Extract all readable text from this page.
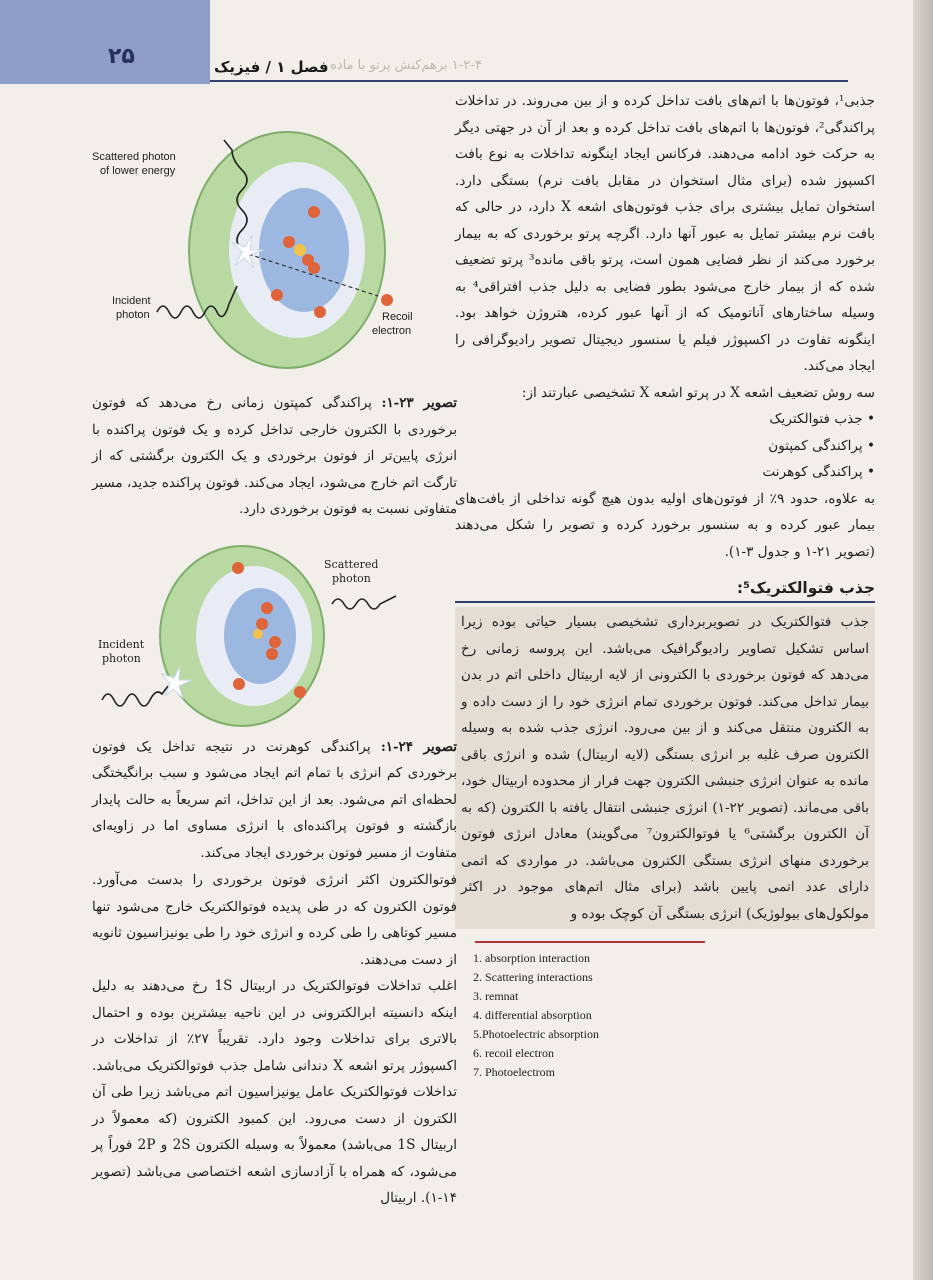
۲۵	فصل ۱ / فیزیک ۱-۲-۴ برهم‌کنش پرتو با ماده

جذبی¹، فوتون‌ها با اتم‌های بافت تداخل کرده و از بین می‌روند. در تداخلات پراکندگی²، فوتون‌ها با اتم‌های بافت تداخل کرده و بعد از آن در جهتی دیگر به حرکت خود ادامه می‌دهند. فرکانس ایجاد اینگونه تداخلات به نوع بافت اکسپوز شده (برای مثال استخوان در مقابل بافت نرم) بستگی دارد. استخوان تمایل بیشتری برای جذب فوتون‌های اشعه X دارد، در حالی که بافت نرم بیشتر تمایل به عبور آنها دارد. اگرچه پرتو برخوردی که به بیمار برخورد می‌کند از نظر فضایی همون است، پرتو باقی مانده³ پرتو تضعیف شده که از بیمار خارج می‌شود بطور فضایی به دلیل جذب افتراقی⁴ به وسیله ساختارهای آناتومیک که از آنها عبور کرده، هتروژن خواهد بود. اینگونه تفاوت در اکسپوژر فیلم یا سنسور دیجیتال تصویر رادیوگرافی را ایجاد می‌کند.

سه روش تضعیف اشعه X در پرتو اشعه X تشخیصی عبارتند از:

• جذب فتوالکتریک
• پراکندگی کمپتون
• پراکندگی کوهرنت

به علاوه، حدود ۹٪ از فوتون‌های اولیه بدون هیچ گونه تداخلی از بافت‌های بیمار عبور کرده و به سنسور برخورد کرده و تصویر را شکل می‌دهند (تصویر ۲۱-۱ و جدول ۳-۱).

جذب فتوالکتریک⁵:

جذب فتوالکتریک در تصویربرداری تشخیصی بسیار حیاتی بوده زیرا اساس تشکیل تصاویر رادیوگرافیک می‌باشد. این پروسه زمانی رخ می‌دهد که فوتون برخوردی با الکترونی از لایه اربیتال داخلی اتم در بدن بیمار تداخل می‌کند. فوتون برخوردی تمام انرژی خود را از دست داده و به الکترون منتقل می‌کند و از بین می‌رود. انرژی جذب شده به وسیله الکترون صرف غلبه بر انرژی بستگی (لایه اربیتال) شده و انرژی باقی مانده به عنوان انرژی جنبشی الکترون جهت فرار از محدوده اربیتال خود، باقی می‌ماند. (تصویر ۲۲-۱) انرژی جنبشی انتقال یافته با الکترون (که به آن الکترون برگشتی⁶ یا فوتوالکترون⁷ می‌گویند) معادل انرژی فوتون برخوردی منهای انرژی بستگی الکترون می‌باشد. در مواردی که اتمی دارای عدد اتمی پایین باشد (برای مثال اتم‌های موجود در اکثر مولکول‌های بیولوژیک) انرژی بستگی آن کوچک بوده و

1. absorption interaction
2. Scattering interactions
3. remnat
4. differential absorption
5.Photoelectric absorption
6. recoil electron
7. Photoelectrom
Scattered photon of lower energy
Incident photon	Recoil electron

تصویر ۲۳-۱: پراکندگی کمپتون زمانی رخ می‌دهد که فوتون برخوردی با الکترون خارجی تداخل کرده و یک فوتون پراکنده با انرژی پایین‌تر از فوتون برخوردی و یک الکترون برگشتی که از تارگت اتم خارج می‌شود، ایجاد می‌کند. فوتون پراکنده جدید، مسیر متفاوتی نسبت به فوتون برخوردی دارد.

Scattered photon
Incident photon

تصویر ۲۴-۱: پراکندگی کوهرنت در نتیجه تداخل یک فوتون برخوردی کم انرژی با تمام اتم ایجاد می‌شود و سبب برانگیختگی لحظه‌ای اتم می‌شود. بعد از این تداخل، اتم سریعاً به حالت پایدار بازگشته و فوتون پراکنده‌ای با انرژی مساوی اما در زاویه‌ای متفاوت از مسیر فوتون برخوردی ایجاد می‌کند.

فوتوالکترون اکثر انرژی فوتون برخوردی را بدست می‌آورد. فوتون الکترون که در طی پدیده فوتوالکتریک خارج می‌شود تنها مسیر کوتاهی را طی کرده و انرژی خود را طی یونیزاسیون ثانویه از دست می‌دهند.

اغلب تداخلات فوتوالکتریک در اربیتال 1S رخ می‌دهند به دلیل اینکه دانسیته ابرالکترونی در این ناحیه بیشترین بوده و احتمال بالاتری برای تداخلات وجود دارد. تقریباً ۲۷٪ از تداخلات در اکسپوژر پرتو اشعه X دندانی شامل جذب فوتوالکتریک می‌باشد. تداخلات فوتوالکتریک عامل یونیزاسیون اتم می‌باشد زیرا طی آن الکترون از دست می‌رود. این کمبود الکترون (که معمولاً در اربیتال 1S می‌باشد) معمولاً به وسیله الکترون 2S و 2P فوراً پر می‌شود، که همراه با آزادسازی اشعه اختصاصی می‌باشد (تصویر ۱۴-۱). اربیتال
